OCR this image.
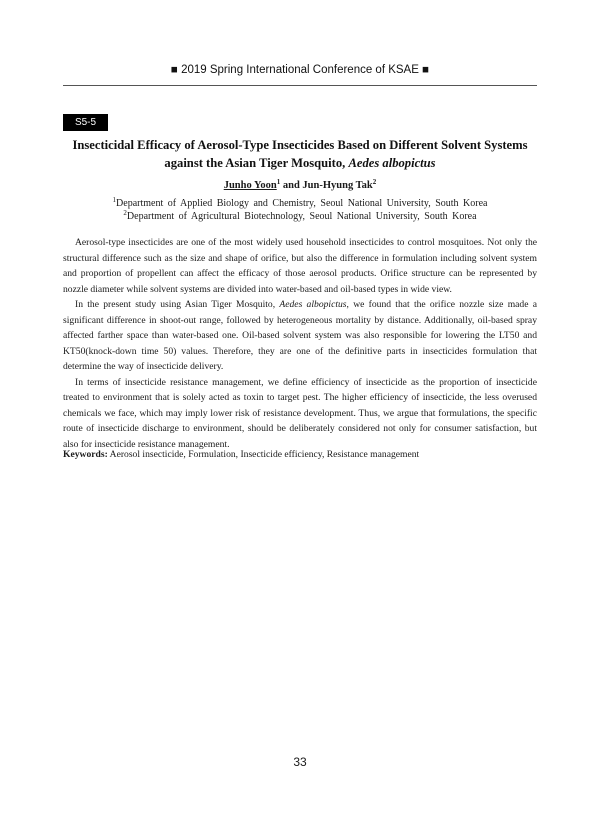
■ 2019 Spring International Conference of KSAE ■
S5-5
Insecticidal Efficacy of Aerosol-Type Insecticides Based on Different Solvent Systems
against the Asian Tiger Mosquito, Aedes albopictus
Junho Yoon$^1$ and Jun-Hyung Tak$^2$
$^1$Department of Applied Biology and Chemistry, Seoul National University, South Korea
$^2$Department of Agricultural Biotechnology, Seoul National University, South Korea

Aerosol-type insecticides are one of the most widely used household insecticides to control mosquitoes. Not only the structural difference such as the size and shape of orifice, but also the difference in formulation including solvent system and proportion of propellent can affect the efficacy of those aerosol products. Orifice structure can be represented by nozzle diameter while solvent systems are divided into water-based and oil-based types in wide view.

In the present study using Asian Tiger Mosquito, Aedes albopictus, we found that the orifice nozzle size made a significant difference in shoot-out range, followed by heterogeneous mortality by distance. Additionally, oil-based spray affected farther space than water-based one. Oil-based solvent system was also responsible for lowering the LT50 and KT50(knock-down time 50) values. Therefore, they are one of the definitive parts in insecticides formulation that determine the way of insecticide delivery.

In terms of insecticide resistance management, we define efficiency of insecticide as the proportion of insecticide treated to environment that is solely acted as toxin to target pest. The higher efficiency of insecticide, the less overused chemicals we face, which may imply lower risk of resistance development. Thus, we argue that formulations, the specific route of insecticide discharge to environment, should be deliberately considered not only for consumer satisfaction, but also for insecticide resistance management.

Keywords: Aerosol insecticide, Formulation, Insecticide efficiency, Resistance management
33
